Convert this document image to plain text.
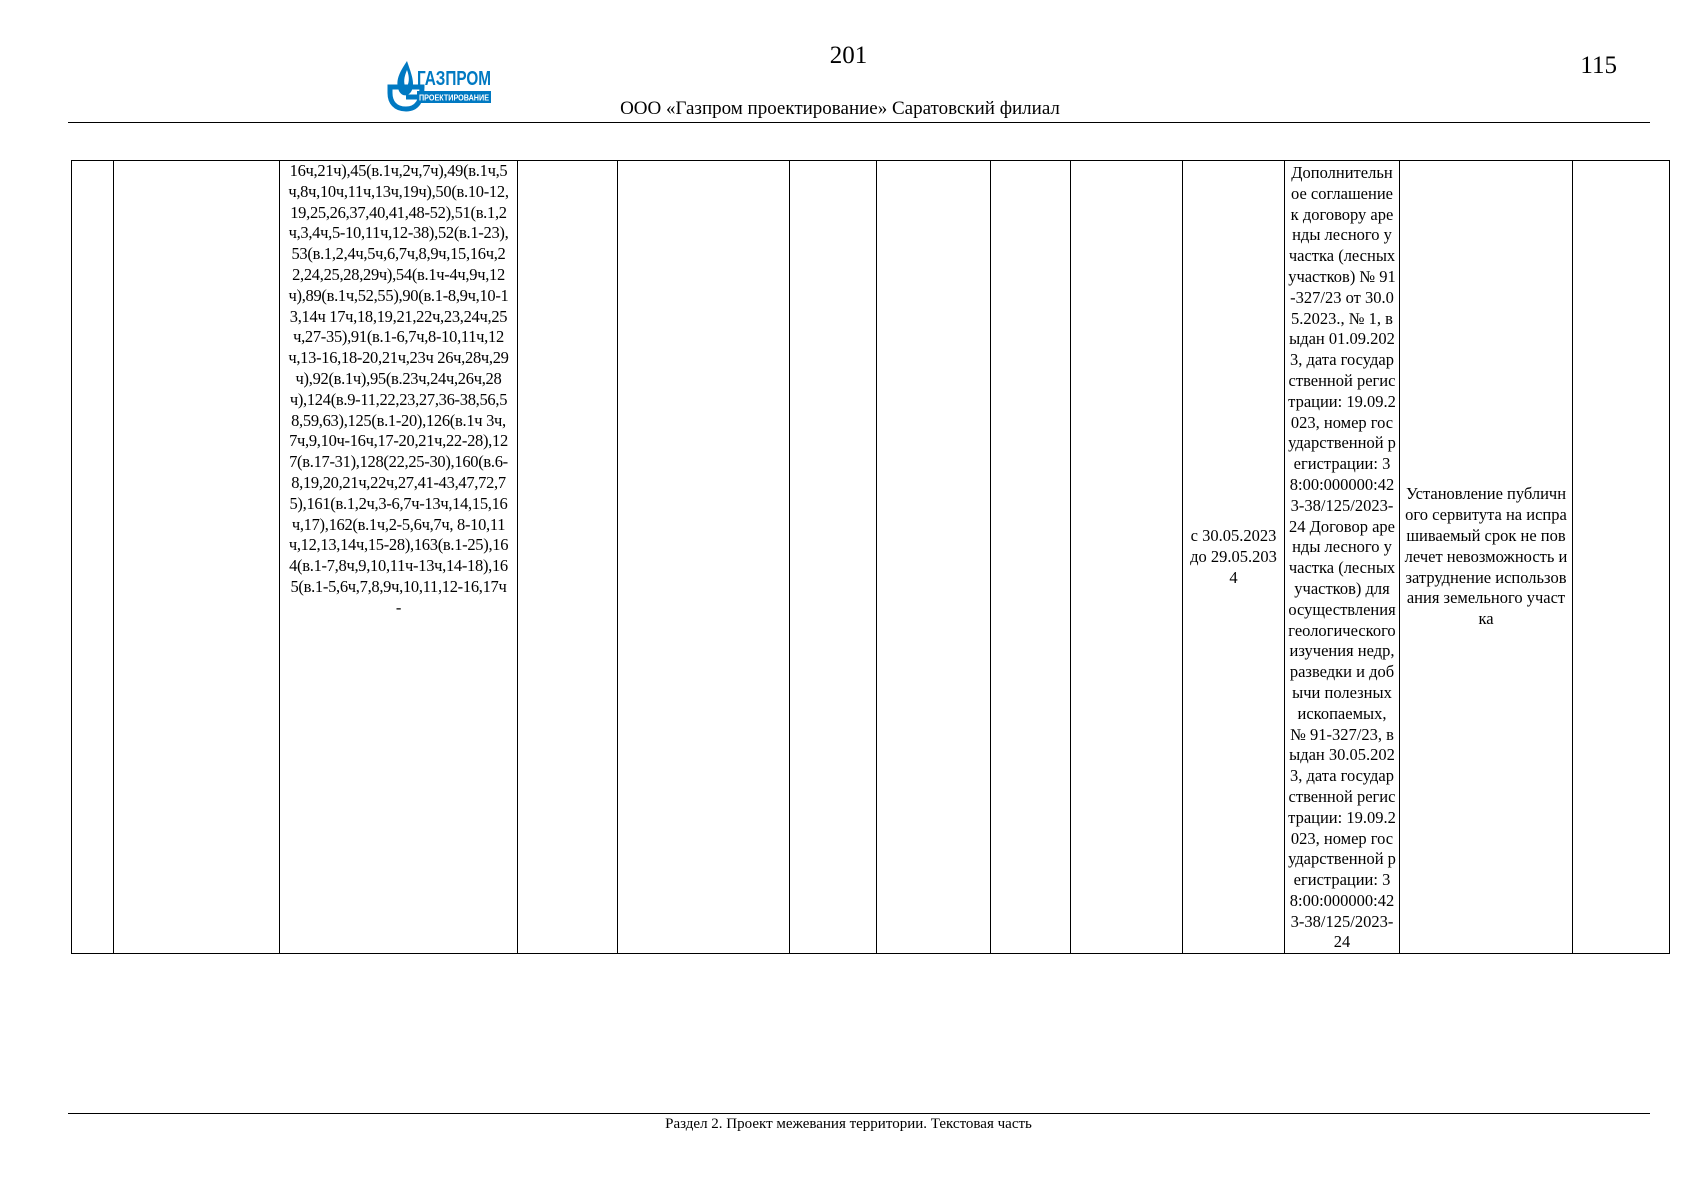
201	115
ГАЗПРОМ
ПРОЕКТИРОВАНИЕ	ООО «Газпром проектирование» Саратовский филиал
		16ч,21ч),45(в.1ч,2ч,7ч),49(в.1ч,5ч,8ч,10ч,11ч,13ч,19ч),50(в.10-12,19,25,26,37,40,41,48-52),51(в.1,2ч,3,4ч,5-10,11ч,12-38),52(в.1-23),53(в.1,2,4ч,5ч,6,7ч,8,9ч,15,16ч,22,24,25,28,29ч),54(в.1ч-4ч,9ч,12ч),89(в.1ч,52,55),90(в.1-8,9ч,10-13,14ч 17ч,18,19,21,22ч,23,24ч,25ч,27-35),91(в.1-6,7ч,8-10,11ч,12ч,13-16,18-20,21ч,23ч 26ч,28ч,29ч),92(в.1ч),95(в.23ч,24ч,26ч,28ч),124(в.9-11,22,23,27,36-38,56,58,59,63),125(в.1-20),126(в.1ч 3ч,7ч,9,10ч-16ч,17-20,21ч,22-28),127(в.17-31),128(22,25-30),160(в.6-8,19,20,21ч,22ч,27,41-43,47,72,75),161(в.1,2ч,3-6,7ч-13ч,14,15,16ч,17),162(в.1ч,2-5,6ч,7ч, 8-10,11ч,12,13,14ч,15-28),163(в.1-25),164(в.1-7,8ч,9,10,11ч-13ч,14-18),165(в.1-5,6ч,7,8,9ч,10,11,12-16,17ч-							с 30.05.2023 до 29.05.2034	Дополнительное соглашение к договору аренды лесного участка (лесных участков) № 91-327/23 от 30.05.2023., № 1, выдан 01.09.2023, дата государственной регистрации: 19.09.2023, номер государственной регистрации: 38:00:000000:423-38/125/2023-24 Договор аренды лесного участка (лесных участков) для осуществления геологического изучения недр, разведки и добычи полезных ископаемых, № 91-327/23, выдан 30.05.2023, дата государственной регистрации: 19.09.2023, номер государственной регистрации: 38:00:000000:423-38/125/2023-24	Установление публичного сервитута на испрашиваемый срок не повлечет невозможность и затруднение использования земельного участка	
Раздел 2. Проект межевания территории. Текстовая часть
